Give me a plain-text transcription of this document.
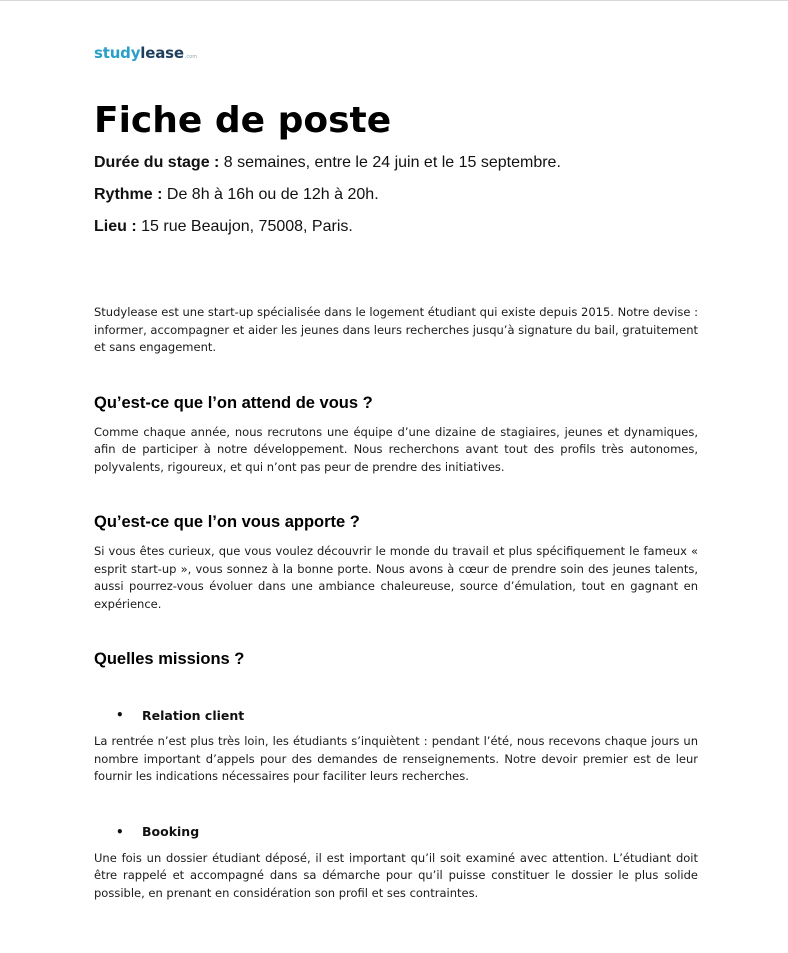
study lease .com
Fiche de poste

Durée du stage : 8 semaines, entre le 24 juin et le 15 septembre.

Rythme : De 8h à 16h ou de 12h à 20h.

Lieu : 15 rue Beaujon, 75008, Paris.

Studylease est une start-up spécialisée dans le logement étudiant qui existe depuis 2015. Notre devise : informer, accompagner et aider les jeunes dans leurs recherches jusqu’à signature du bail, gratuitement et sans engagement.

Qu’est-ce que l’on attend de vous ?

Comme chaque année, nous recrutons une équipe d’une dizaine de stagiaires, jeunes et dynamiques, afin de participer à notre développement. Nous recherchons avant tout des profils très autonomes, polyvalents, rigoureux, et qui n’ont pas peur de prendre des initiatives.

Qu’est-ce que l’on vous apporte ?

Si vous êtes curieux, que vous voulez découvrir le monde du travail et plus spécifiquement le fameux « esprit start-up », vous sonnez à la bonne porte. Nous avons à cœur de prendre soin des jeunes talents, aussi pourrez-vous évoluer dans une ambiance chaleureuse, source d’émulation, tout en gagnant en expérience.

Quelles missions ?
•	Relation client

La rentrée n’est plus très loin, les étudiants s’inquiètent : pendant l’été, nous recevons chaque jours un nombre important d’appels pour des demandes de renseignements. Notre devoir premier est de leur fournir les indications nécessaires pour faciliter leurs recherches.

•	Booking

Une fois un dossier étudiant déposé, il est important qu’il soit examiné avec attention. L’étudiant doit être rappelé et accompagné dans sa démarche pour qu’il puisse constituer le dossier le plus solide possible, en prenant en considération son profil et ses contraintes.
